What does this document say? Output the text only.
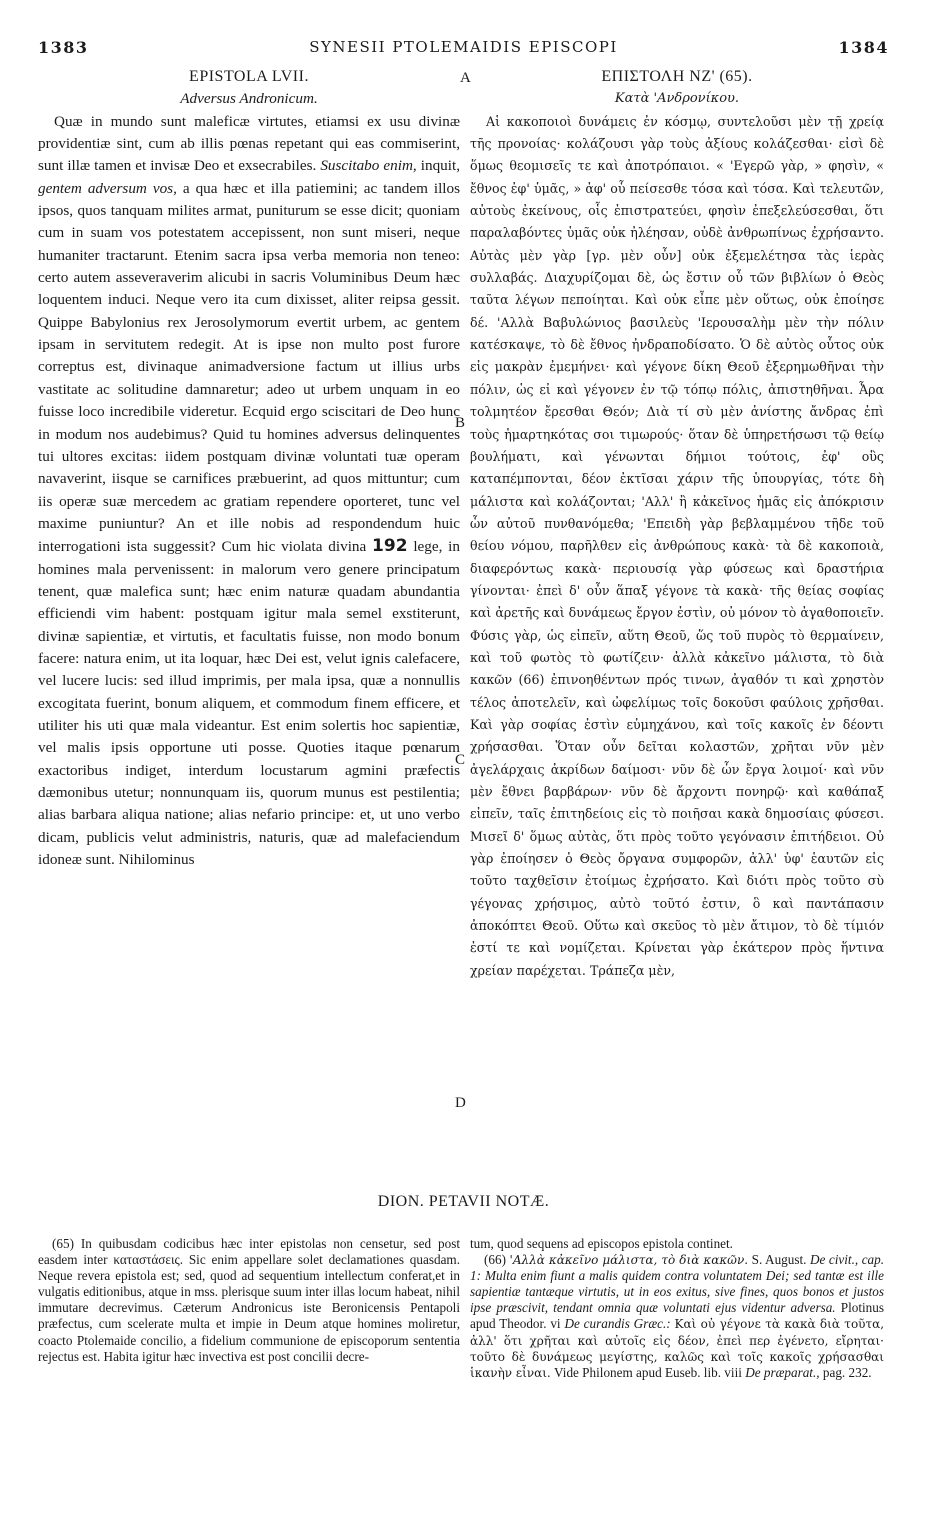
1383	SYNESII PTOLEMAIDIS EPISCOPI	1384
A
B
C
D
EPISTOLA LVII.
Adversus Andronicum.

Quæ in mundo sunt maleficæ virtutes, etiamsi ex usu divinæ providentiæ sint, cum ab illis pœnas repetant qui eas commiserint, sunt illæ tamen et invisæ Deo et exsecrabiles. Suscitabo enim, inquit, gentem adversum vos, a qua hæc et illa patiemini; ac tandem illos ipsos, quos tanquam milites armat, puniturum se esse dicit; quoniam cum in suam vos potestatem accepissent, non sunt miseri, neque humaniter tractarunt. Etenim sacra ipsa verba memoria non teneo: certo autem asseveraverim alicubi in sacris Voluminibus Deum hæc loquentem induci. Neque vero ita cum dixisset, aliter reipsa gessit. Quippe Babylonius rex Jerosolymorum evertit urbem, ac gentem ipsam in servitutem redegit. At is ipse non multo post furore correptus est, divinaque animadversione factum ut illius urbs vastitate ac solitudine damnaretur; adeo ut urbem unquam in eo fuisse loco incredibile videretur. Ecquid ergo sciscitari de Deo hunc in modum nos audebimus? Quid tu homines adversus delinquentes tui ultores excitas: iidem postquam divinæ voluntati tuæ operam navaverint, iisque se carnifices præbuerint, ad quos mittuntur; cum iis operæ suæ mercedem ac gratiam rependere oporteret, tunc vel maxime puniuntur? An et ille nobis ad respondendum huic interrogationi ista suggessit? Cum hic violata divina 192 lege, in homines mala pervenissent: in malorum vero genere principatum tenent, quæ malefica sunt; hæc enim naturæ quadam abundantia efficiendi vim habent: postquam igitur mala semel exstiterunt, divinæ sapientiæ, et virtutis, et facultatis fuisse, non modo bonum facere: natura enim, ut ita loquar, hæc Dei est, velut ignis calefacere, vel lucere lucis: sed illud imprimis, per mala ipsa, quæ a nonnullis excogitata fuerint, bonum aliquem, et commodum finem efficere, et utiliter his uti quæ mala videantur. Est enim solertis hoc sapientiæ, vel malis ipsis opportune uti posse. Quoties itaque pœnarum exactoribus indiget, interdum locustarum agmini præfectis dæmonibus utetur; nonnunquam iis, quorum munus est pestilentia; alias barbara aliqua natione; alias nefario principe: et, ut uno verbo dicam, publicis velut administris, naturis, quæ ad malefaciendum idoneæ sunt. Nihilominus

ΕΠΙΣΤΟΛΗ ΝΖ' (65).
Κατὰ 'Ανδρονίκου.

Αἱ κακοποιοὶ δυνάμεις ἐν κόσμῳ, συντελοῦσι μὲν τῇ χρείᾳ τῆς προνοίας· κολάζουσι γὰρ τοὺς ἀξίους κολάζεσθαι· εἰσὶ δὲ ὅμως θεομισεῖς τε καὶ ἀποτρόπαιοι. « 'Εγερῶ γὰρ, » φησὶν, « ἔθνος ἐφ' ὑμᾶς, » ἀφ' οὗ πείσεσθε τόσα καὶ τόσα. Καὶ τελευτῶν, αὐτοὺς ἐκείνους, οἷς ἐπιστρατεύει, φησὶν ἐπεξελεύσεσθαι, ὅτι παραλαβόντες ὑμᾶς οὐκ ἠλέησαν, οὐδὲ ἀνθρωπίνως ἐχρήσαντο. Αὐτὰς μὲν γὰρ [γρ. μὲν οὖν] οὐκ ἐξεμελέτησα τὰς ἱερὰς συλλαβάς. Διαχυρίζομαι δὲ, ὡς ἔστιν οὗ τῶν βιβλίων ὁ Θεὸς ταῦτα λέγων πεποίηται. Καὶ οὐκ εἶπε μὲν οὕτως, οὐκ ἐποίησε δέ. 'Αλλὰ Βαβυλώνιος βασιλεὺς 'Ιερουσαλὴμ μὲν τὴν πόλιν κατέσκαψε, τὸ δὲ ἔθνος ἠνδραποδίσατο. Ὁ δὲ αὐτὸς οὗτος οὐκ εἰς μακρὰν ἐμεμήνει· καὶ γέγονε δίκη Θεοῦ ἐξερημωθῆναι τὴν πόλιν, ὡς εἰ καὶ γέγονεν ἐν τῷ τόπῳ πόλις, ἀπιστηθῆναι. Ἆρα τολμητέον ἔρεσθαι Θεόν; Διὰ τί σὺ μὲν ἀνίστης ἄνδρας ἐπὶ τοὺς ἡμαρτηκότας σοι τιμωρούς· ὅταν δὲ ὑπηρετήσωσι τῷ θείῳ βουλήματι, καὶ γένωνται δήμιοι τούτοις, ἐφ' οὓς καταπέμπονται, δέον ἐκτῖσαι χάριν τῆς ὑπουργίας, τότε δὴ μάλιστα καὶ κολάζονται; 'Αλλ' ἢ κἀκεῖνος ἡμᾶς εἰς ἀπόκρισιν ὧν αὐτοῦ πυνθανόμεθα; 'Επειδὴ γὰρ βεβλαμμένου τῆδε τοῦ θείου νόμου, παρῆλθεν εἰς ἀνθρώπους κακὰ· τὰ δὲ κακοποιὰ, διαφερόντως κακὰ· περιουσίᾳ γὰρ φύσεως καὶ δραστήρια γίνονται· ἐπεὶ δ' οὖν ἅπαξ γέγονε τὰ κακὰ· τῆς θείας σοφίας καὶ ἀρετῆς καὶ δυνάμεως ἔργον ἐστὶν, οὐ μόνον τὸ ἀγαθοποιεῖν. Φύσις γὰρ, ὡς εἰπεῖν, αὕτη Θεοῦ, ὥς τοῦ πυρὸς τὸ θερμαίνειν, καὶ τοῦ φωτὸς τὸ φωτίζειν· ἀλλὰ κἀκεῖνο μάλιστα, τὸ διὰ κακῶν (66) ἐπινοηθέντων πρός τινων, ἀγαθόν τι καὶ χρηστὸν τέλος ἀποτελεῖν, καὶ ὠφελίμως τοῖς δοκοῦσι φαύλοις χρῆσθαι. Καὶ γὰρ σοφίας ἐστὶν εὐμηχάνου, καὶ τοῖς κακοῖς ἐν δέοντι χρήσασθαι. Ὅταν οὖν δεῖται κολαστῶν, χρῆται νῦν μὲν ἀγελάρχαις ἀκρίδων δαίμοσι· νῦν δὲ ὧν ἔργα λοιμοί· καὶ νῦν μὲν ἔθνει βαρβάρων· νῦν δὲ ἄρχοντι πονηρῷ· καὶ καθάπαξ εἰπεῖν, ταῖς ἐπιτηδείοις εἰς τὸ ποιῆσαι κακὰ δημοσίαις φύσεσι. Μισεῖ δ' ὅμως αὐτὰς, ὅτι πρὸς τοῦτο γεγόνασιν ἐπιτήδειοι. Οὐ γὰρ ἐποίησεν ὁ Θεὸς ὄργανα συμφορῶν, ἀλλ' ὑφ' ἑαυτῶν εἰς τοῦτο ταχθεῖσιν ἐτοίμως ἐχρήσατο. Καὶ διότι πρὸς τοῦτο σὺ γέγονας χρήσιμος, αὐτὸ τοῦτό ἐστιν, ὃ καὶ παντάπασιν ἀποκόπτει Θεοῦ. Οὕτω καὶ σκεῦος τὸ μὲν ἄτιμον, τὸ δὲ τίμιόν ἐστί τε καὶ νομίζεται. Κρίνεται γὰρ ἑκάτερον πρὸς ἥντινα χρείαν παρέχεται. Τράπεζα μὲν,

DION. PETAVII NOTÆ.

(65) In quibusdam codicibus hæc inter epistolas non censetur, sed post easdem inter καταστάσεις. Sic enim appellare solet declamationes quasdam. Neque revera epistola est; sed, quod ad sequentium intellectum conferat,et in vulgatis editionibus, atque in mss. plerisque suum inter illas locum habeat, nihil immutare decrevimus. Cæterum Andronicus iste Beronicensis Pentapoli præfectus, cum scelerate multa et impie in Deum atque homines moliretur, coacto Ptolemaide concilio, a fidelium communione de episcoporum sententia rejectus est. Habita igitur hæc invectiva est post concilii decre-

tum, quod sequens ad episcopos epistola continet.

(66) 'Αλλὰ κἀκεῖνο μάλιστα, τὸ διὰ κακῶν. S. August. De civit., cap. 1: Multa enim fiunt a malis quidem contra voluntatem Dei; sed tantæ est ille sapientiæ tantæque virtutis, ut in eos exitus, sive fines, quos bonos et justos ipse præscivit, tendant omnia quæ voluntati ejus videntur adversa. Plotinus apud Theodor. vi De curandis Græc.: Καὶ οὐ γέγονε τὰ κακὰ διὰ τοῦτα, ἀλλ' ὅτι χρῆται καὶ αὐτοῖς εἰς δέον, ἐπεὶ περ ἐγένετο, εἴρηται· τοῦτο δὲ δυνάμεως μεγίστης, καλῶς καὶ τοῖς κακοῖς χρήσασθαι ἱκανὴν εἶναι. Vide Philonem apud Euseb. lib. viii De præparat., pag. 232.
